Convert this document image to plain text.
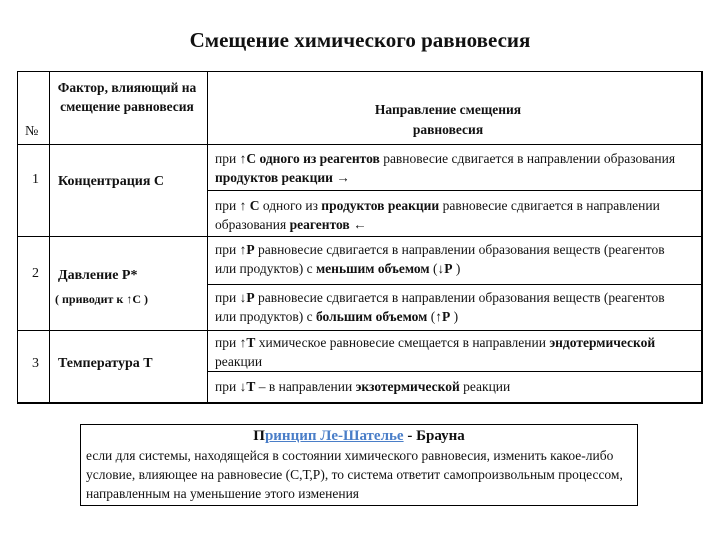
Смещение химического равновесия
№
Фактор, влияющий на смещение равновесия	Направление смещения равновесия
1 Концентрация С
при ↑С одного из реагентов равновесие сдвигается в направлении образования продуктов реакции →
при ↑ С одного из продуктов реакции равновесие сдвигается в направлении образования реагентов ←
2 Давление Р*
( приводит к ↑С )
при ↑Р равновесие сдвигается в направлении образования веществ (реагентов или продуктов) с меньшим объемом (↓Р )
при ↓Р равновесие сдвигается в направлении образования веществ (реагентов или продуктов) с большим объемом (↑Р )
3 Температура Т
при ↑Т химическое равновесие смещается в направлении эндотермической реакции
при ↓Т – в направлении экзотермической реакции
Принцип Ле-Шателье - Брауна
если для системы, находящейся в состоянии химического равновесия, изменить какое-либо условие, влияющее на равновесие (С,Т,Р), то система ответит самопроизвольным процессом, направленным на уменьшение этого изменения
